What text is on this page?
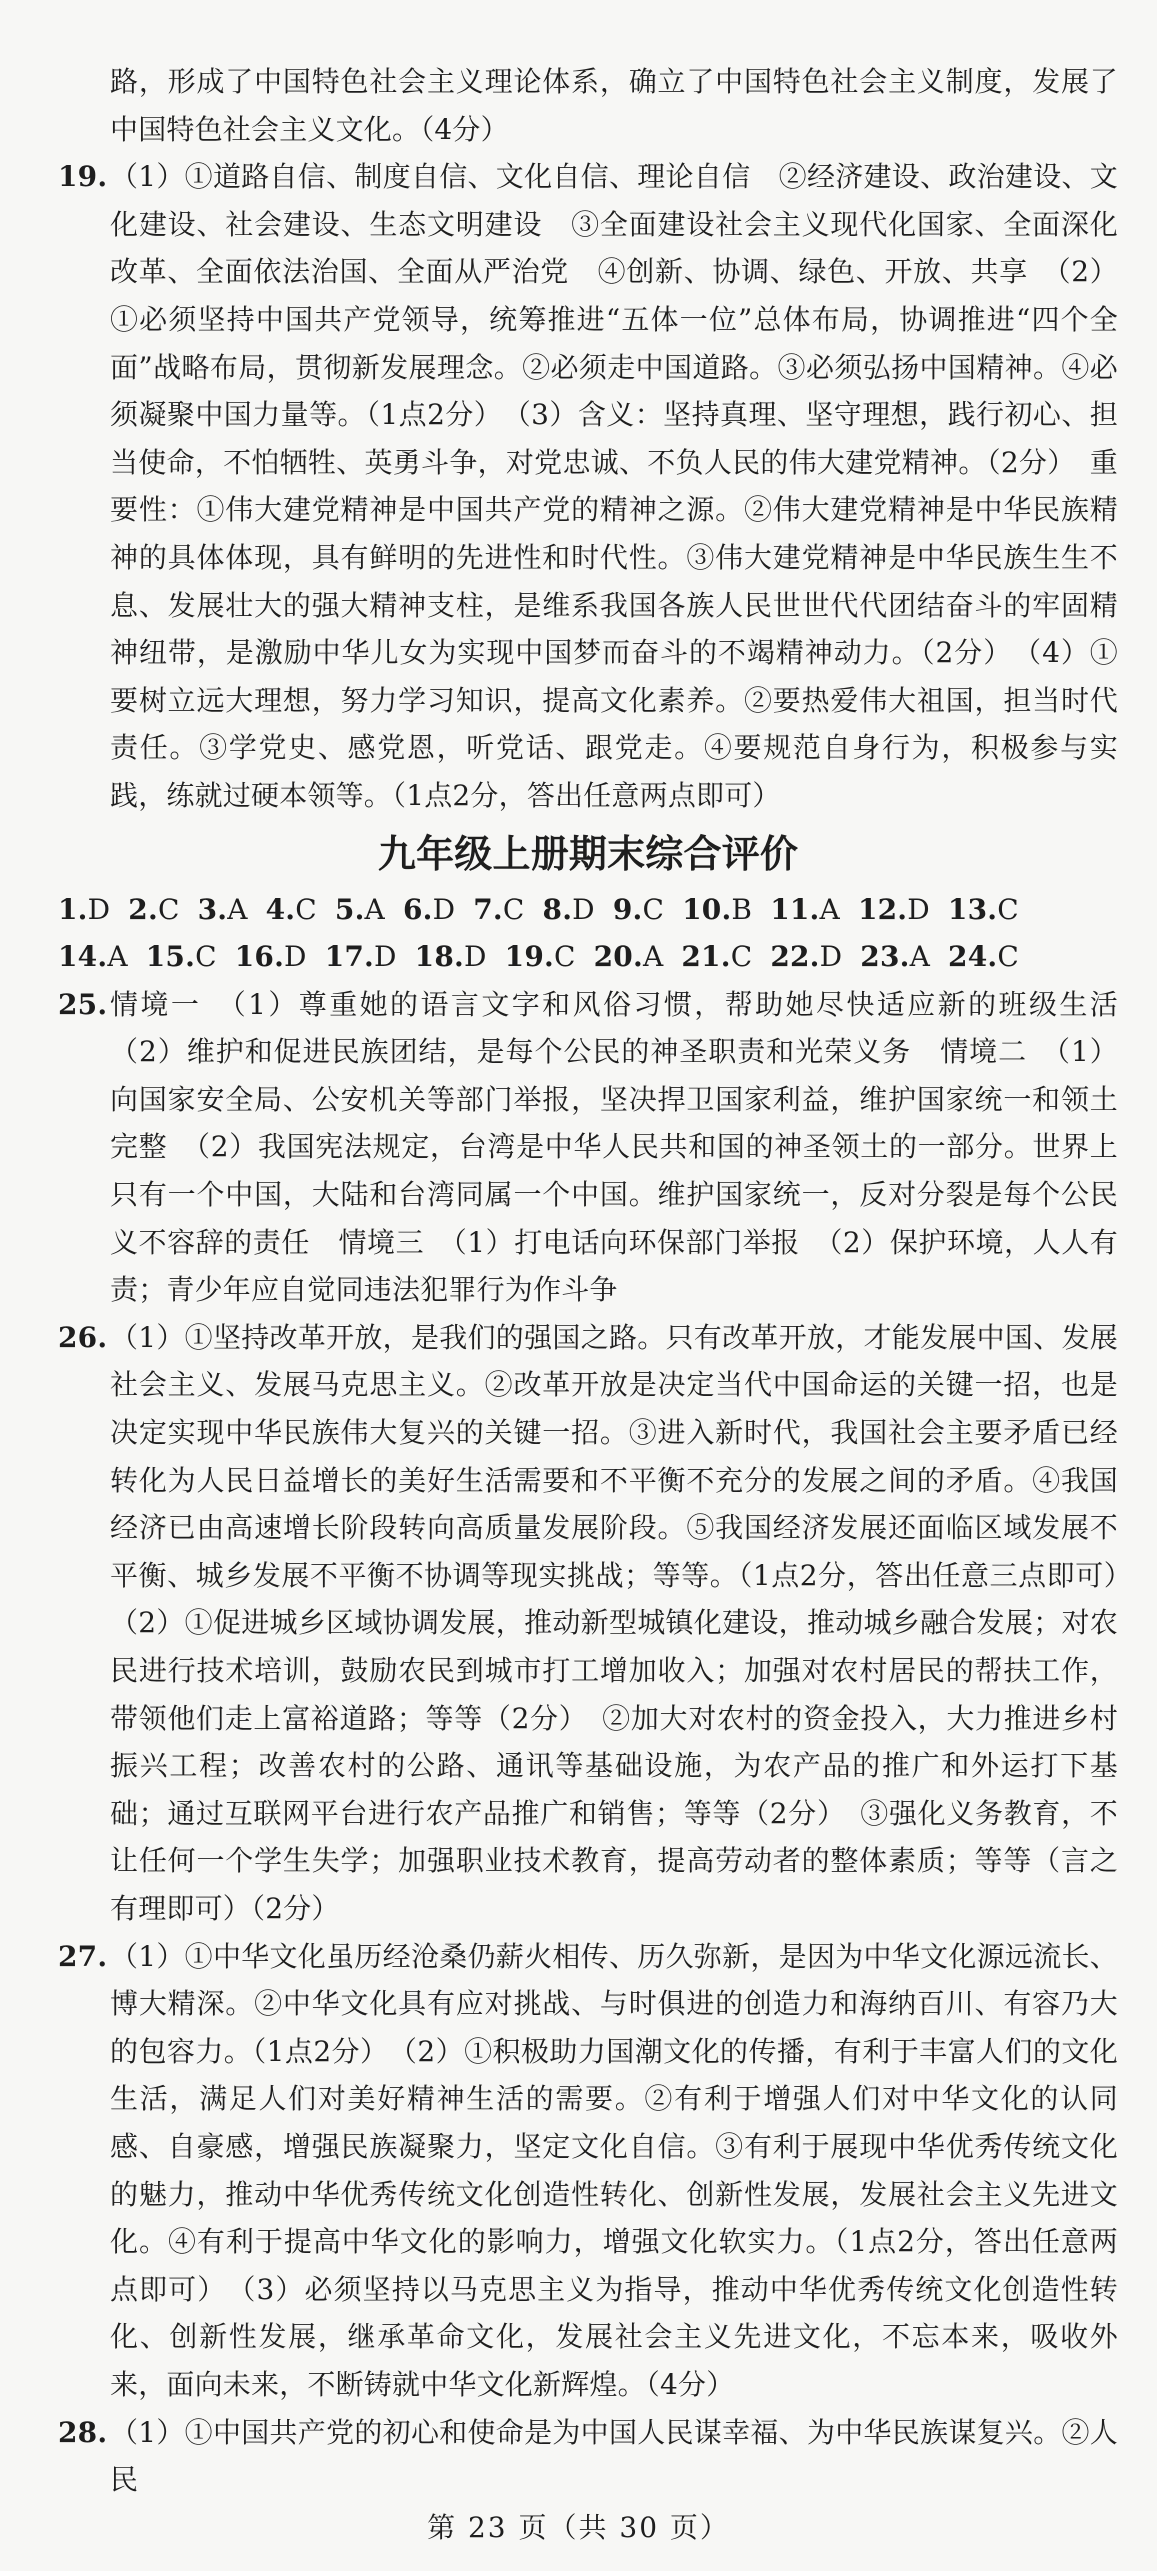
路，形成了中国特色社会主义理论体系，确立了中国特色社会主义制度，发展了中国特色社会主义文化。（4分）
19. （1）①道路自信、制度自信、文化自信、理论自信　②经济建设、政治建设、文化建设、社会建设、生态文明建设　③全面建设社会主义现代化国家、全面深化改革、全面依法治国、全面从严治党　④创新、协调、绿色、开放、共享　（2）①必须坚持中国共产党领导，统筹推进“五体一位”总体布局，协调推进“四个全面”战略布局，贯彻新发展理念。②必须走中国道路。③必须弘扬中国精神。④必须凝聚中国力量等。（1点2分）　（3）含义：坚持真理、坚守理想，践行初心、担当使命，不怕牺牲、英勇斗争，对党忠诚、不负人民的伟大建党精神。（2分）　重要性：①伟大建党精神是中国共产党的精神之源。②伟大建党精神是中华民族精神的具体体现，具有鲜明的先进性和时代性。③伟大建党精神是中华民族生生不息、发展壮大的强大精神支柱，是维系我国各族人民世世代代团结奋斗的牢固精神纽带，是激励中华儿女为实现中国梦而奋斗的不竭精神动力。（2分）　（4）①要树立远大理想，努力学习知识，提高文化素养。②要热爱伟大祖国，担当时代责任。③学党史、感党恩，听党话、跟党走。④要规范自身行为，积极参与实践，练就过硬本领等。（1点2分，答出任意两点即可）
九年级上册期末综合评价
1.D 2.C 3.A 4.C 5.A 6.D 7.C 8.D 9.C 10.B 11.A 12.D 13.C
14.A 15.C 16.D 17.D 18.D 19.C 20.A 21.C 22.D 23.A 24.C
25. 情境一　（1）尊重她的语言文字和风俗习惯，帮助她尽快适应新的班级生活　（2）维护和促进民族团结，是每个公民的神圣职责和光荣义务　情境二　（1）向国家安全局、公安机关等部门举报，坚决捍卫国家利益，维护国家统一和领土完整　（2）我国宪法规定，台湾是中华人民共和国的神圣领土的一部分。世界上只有一个中国，大陆和台湾同属一个中国。维护国家统一，反对分裂是每个公民义不容辞的责任　情境三　（1）打电话向环保部门举报　（2）保护环境，人人有责；青少年应自觉同违法犯罪行为作斗争
26. （1）①坚持改革开放，是我们的强国之路。只有改革开放，才能发展中国、发展社会主义、发展马克思主义。②改革开放是决定当代中国命运的关键一招，也是决定实现中华民族伟大复兴的关键一招。③进入新时代，我国社会主要矛盾已经转化为人民日益增长的美好生活需要和不平衡不充分的发展之间的矛盾。④我国经济已由高速增长阶段转向高质量发展阶段。⑤我国经济发展还面临区域发展不平衡、城乡发展不平衡不协调等现实挑战；等等。（1点2分，答出任意三点即可）　（2）①促进城乡区域协调发展，推动新型城镇化建设，推动城乡融合发展；对农民进行技术培训，鼓励农民到城市打工增加收入；加强对农村居民的帮扶工作，带领他们走上富裕道路；等等（2分）　②加大对农村的资金投入，大力推进乡村振兴工程；改善农村的公路、通讯等基础设施，为农产品的推广和外运打下基础；通过互联网平台进行农产品推广和销售；等等（2分）　③强化义务教育，不让任何一个学生失学；加强职业技术教育，提高劳动者的整体素质；等等（言之有理即可）（2分）
27. （1）①中华文化虽历经沧桑仍薪火相传、历久弥新，是因为中华文化源远流长、博大精深。②中华文化具有应对挑战、与时俱进的创造力和海纳百川、有容乃大的包容力。（1点2分）　（2）①积极助力国潮文化的传播，有利于丰富人们的文化生活，满足人们对美好精神生活的需要。②有利于增强人们对中华文化的认同感、自豪感，增强民族凝聚力，坚定文化自信。③有利于展现中华优秀传统文化的魅力，推动中华优秀传统文化创造性转化、创新性发展，发展社会主义先进文化。④有利于提高中华文化的影响力，增强文化软实力。（1点2分，答出任意两点即可）　（3）必须坚持以马克思主义为指导，推动中华优秀传统文化创造性转化、创新性发展，继承革命文化，发展社会主义先进文化，不忘本来，吸收外来，面向未来，不断铸就中华文化新辉煌。（4分）
28. （1）①中国共产党的初心和使命是为中国人民谋幸福、为中华民族谋复兴。②人民
第 23 页（共 30 页）
